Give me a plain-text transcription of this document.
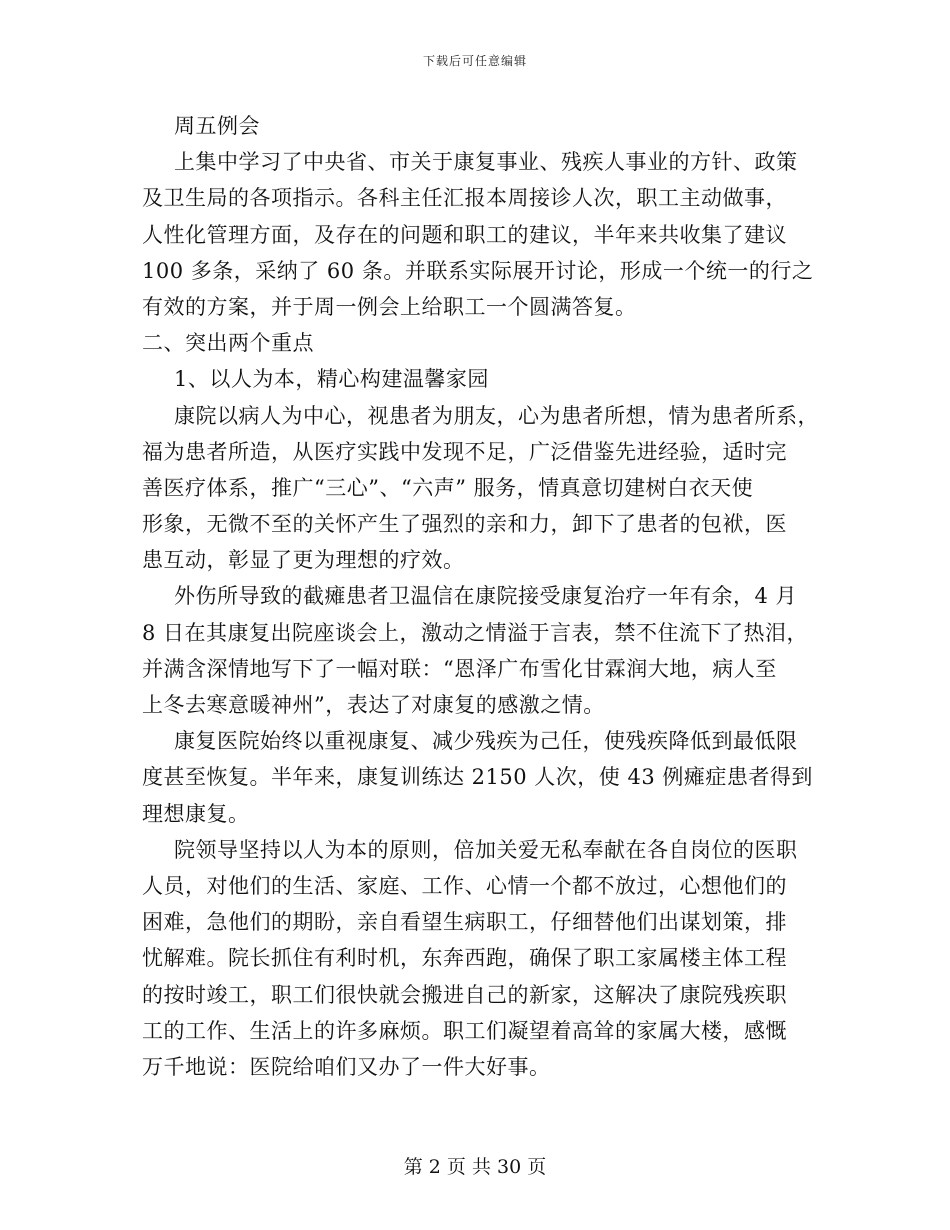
下载后可任意编辑
周五例会
上集中学习了中央省、市关于康复事业、残疾人事业的方针、政策
及卫生局的各项指示。各科主任汇报本周接诊人次，职工主动做事，
人性化管理方面，及存在的问题和职工的建议，半年来共收集了建议
100 多条，采纳了 60 条。并联系实际展开讨论，形成一个统一的行之
有效的方案，并于周一例会上给职工一个圆满答复。
二、突出两个重点
1、以人为本，精心构建温馨家园
康院以病人为中心，视患者为朋友，心为患者所想，情为患者所系，
福为患者所造，从医疗实践中发现不足，广泛借鉴先进经验，适时完
善医疗体系，推广“三心”、“六声” 服务，情真意切建树白衣天使
形象，无微不至的关怀产生了强烈的亲和力，卸下了患者的包袱，医
患互动，彰显了更为理想的疗效。
外伤所导致的截瘫患者卫温信在康院接受康复治疗一年有余，4 月
8 日在其康复出院座谈会上，激动之情溢于言表，禁不住流下了热泪，
并满含深情地写下了一幅对联：“恩泽广布雪化甘霖润大地，病人至
上冬去寒意暖神州”，表达了对康复的感激之情。
康复医院始终以重视康复、减少残疾为己任，使残疾降低到最低限
度甚至恢复。半年来，康复训练达 2150 人次，使 43 例瘫症患者得到
理想康复。
院领导坚持以人为本的原则，倍加关爱无私奉献在各自岗位的医职
人员，对他们的生活、家庭、工作、心情一个都不放过，心想他们的
困难，急他们的期盼，亲自看望生病职工，仔细替他们出谋划策，排
忧解难。院长抓住有利时机，东奔西跑，确保了职工家属楼主体工程
的按时竣工，职工们很快就会搬进自己的新家，这解决了康院残疾职
工的工作、生活上的许多麻烦。职工们凝望着高耸的家属大楼，感慨
万千地说：医院给咱们又办了一件大好事。
第 2 页 共 30 页
